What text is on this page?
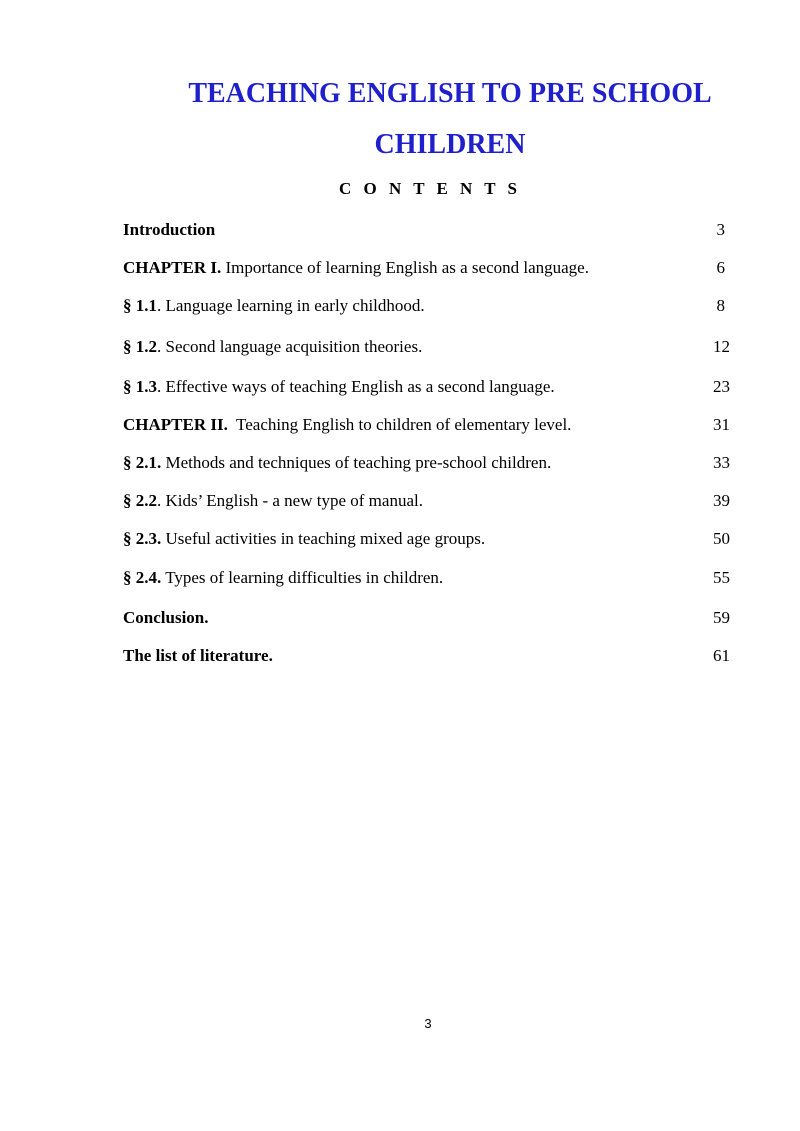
TEACHING ENGLISH TO PRE SCHOOL
CHILDREN
C O N T E N T S
Introduction	3
CHAPTER I. Importance of learning English as a second language.	6
§ 1.1. Language learning in early childhood.	8
§ 1.2. Second language acquisition theories.	12
§ 1.3. Effective ways of teaching English as a second language.	23
CHAPTER II.  Teaching English to children of elementary level.	31
§ 2.1. Methods and techniques of teaching pre-school children.	33
§ 2.2. Kids’ English - a new type of manual.	39
§ 2.3. Useful activities in teaching mixed age groups.	50
§ 2.4. Types of learning difficulties in children.	55
Conclusion.	59
The list of literature.	61
3
